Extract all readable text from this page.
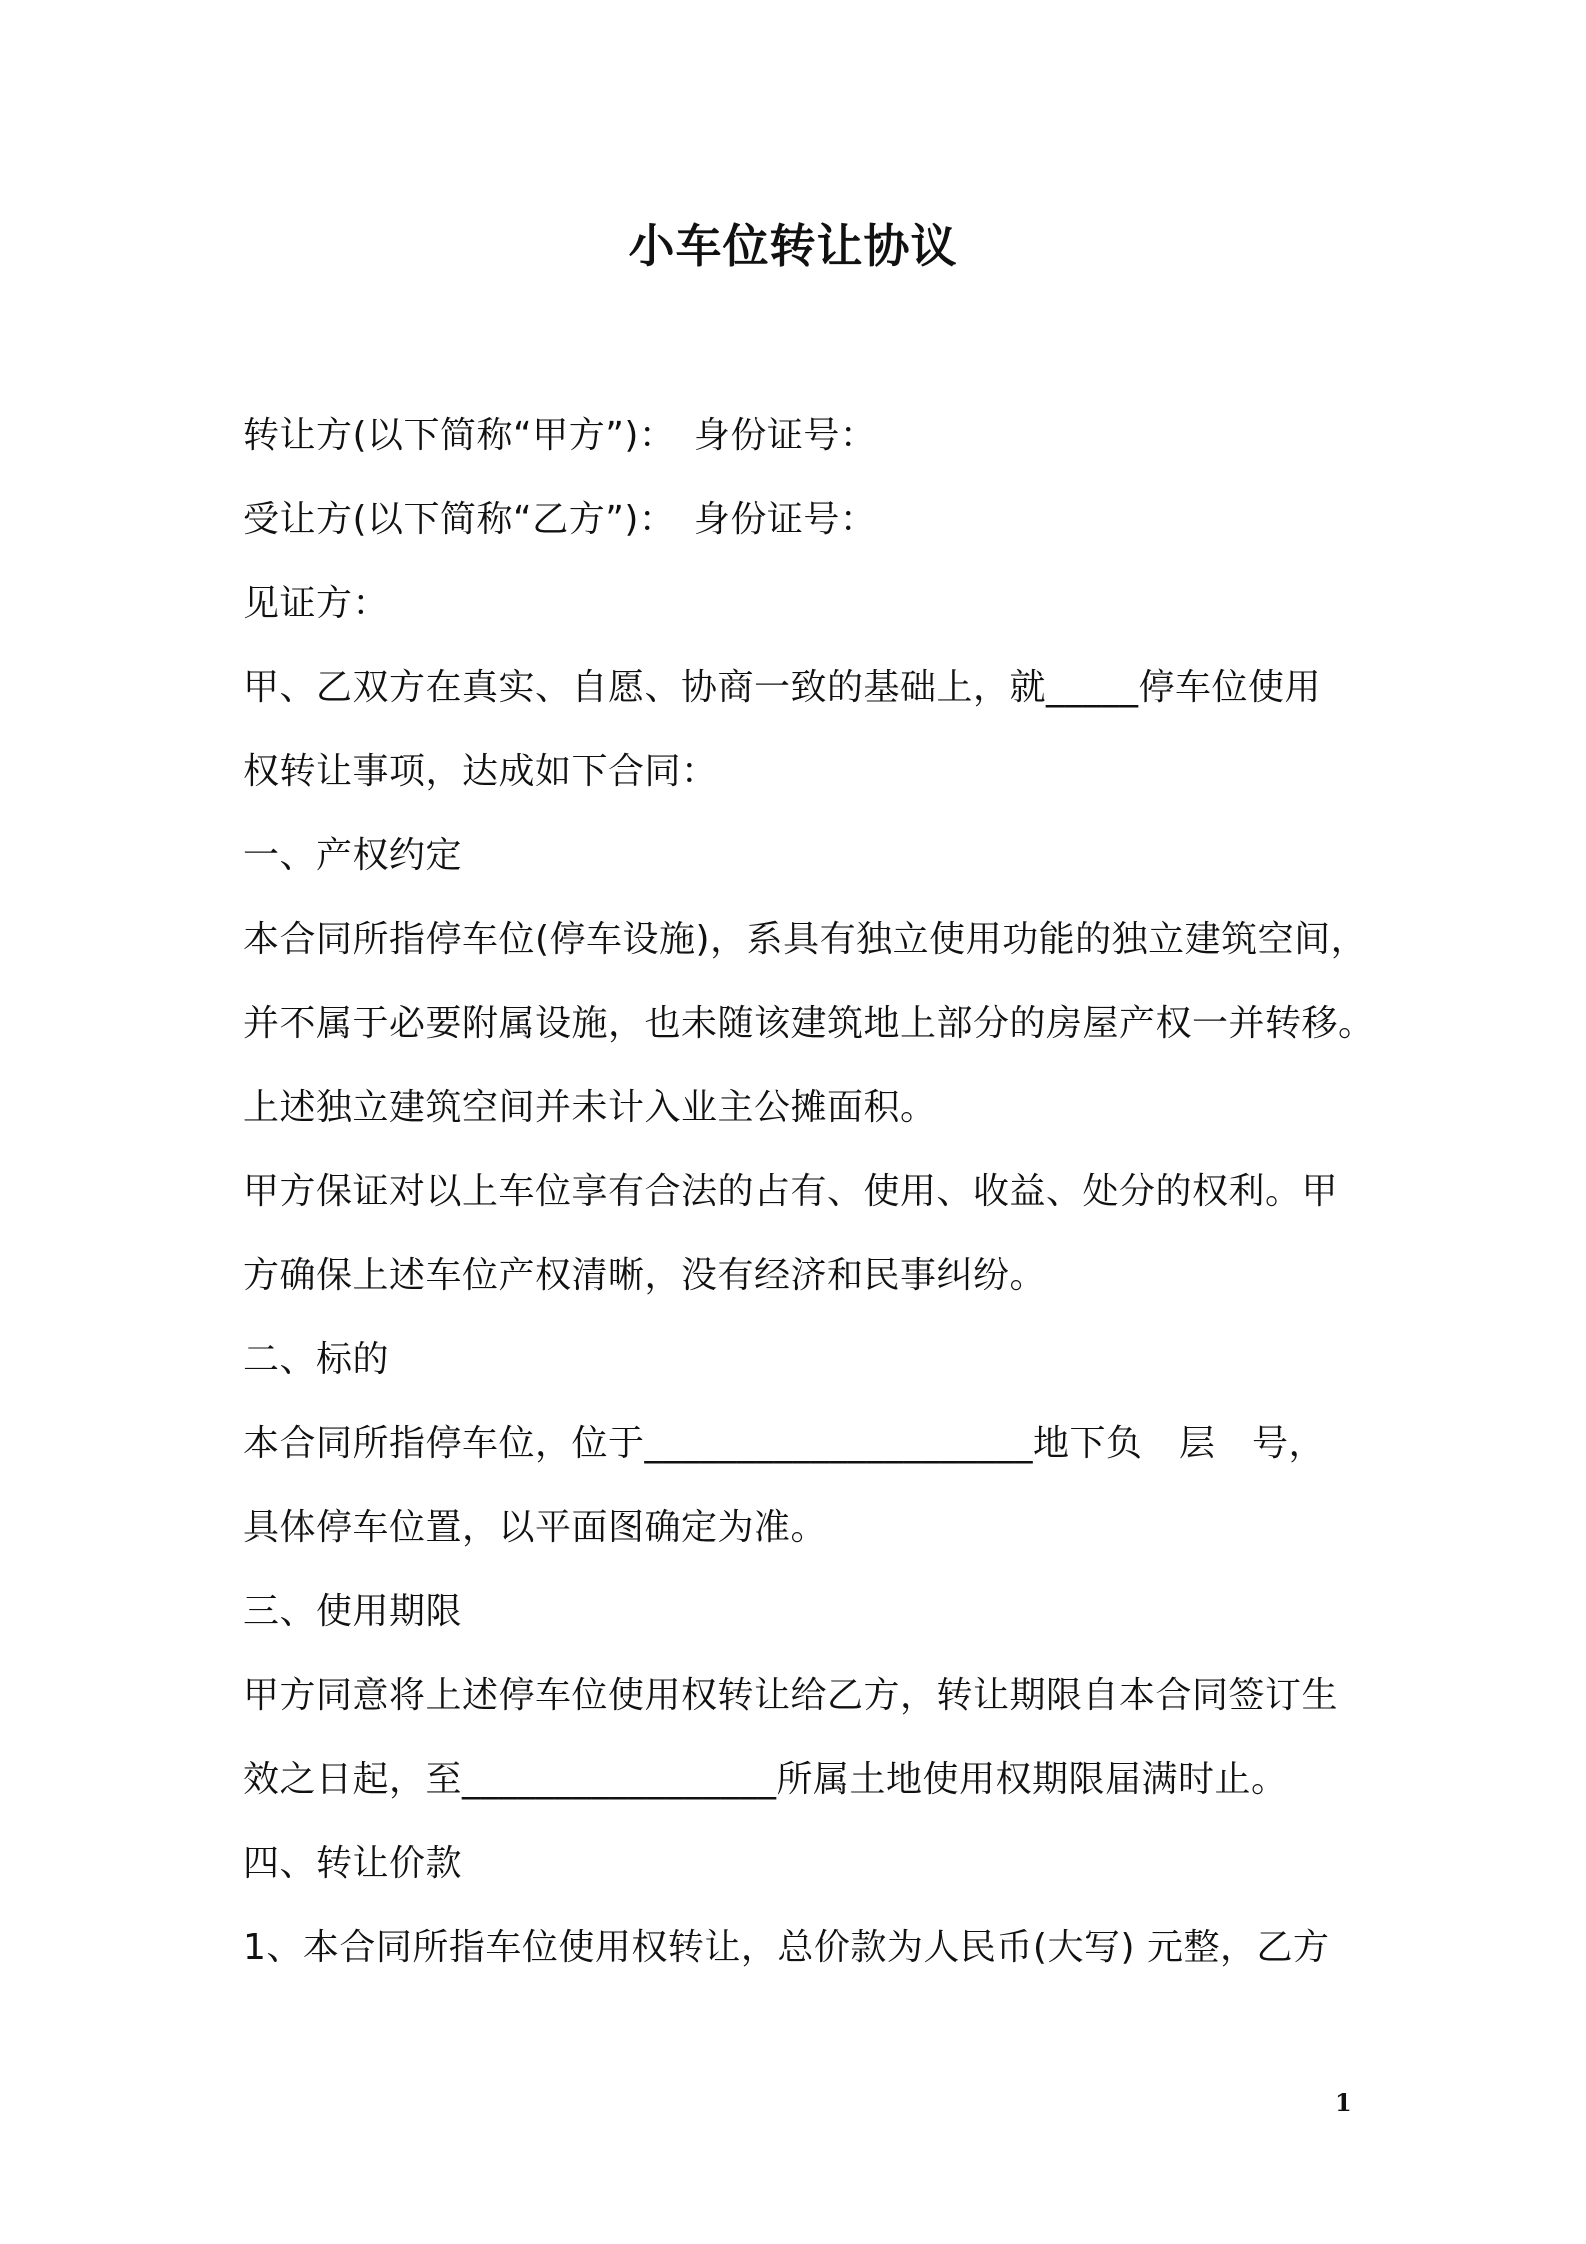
小车位转让协议
转让方(以下简称“甲方”)：　身份证号：
受让方(以下简称“乙方”)：　身份证号：
见证方：
甲、乙双方在真实、自愿、协商一致的基础上，就_____停车位使用
权转让事项，达成如下合同：
一、产权约定
本合同所指停车位(停车设施)，系具有独立使用功能的独立建筑空间，
并不属于必要附属设施，也未随该建筑地上部分的房屋产权一并转移。
上述独立建筑空间并未计入业主公摊面积。
甲方保证对以上车位享有合法的占有、使用、收益、处分的权利。甲
方确保上述车位产权清晰，没有经济和民事纠纷。
二、标的
本合同所指停车位，位于_____________________地下负　层　号，
具体停车位置，以平面图确定为准。
三、使用期限
甲方同意将上述停车位使用权转让给乙方，转让期限自本合同签订生
效之日起，至_________________所属土地使用权期限届满时止。
四、转让价款
1、本合同所指车位使用权转让，总价款为人民币(大写) 元整，乙方
1
